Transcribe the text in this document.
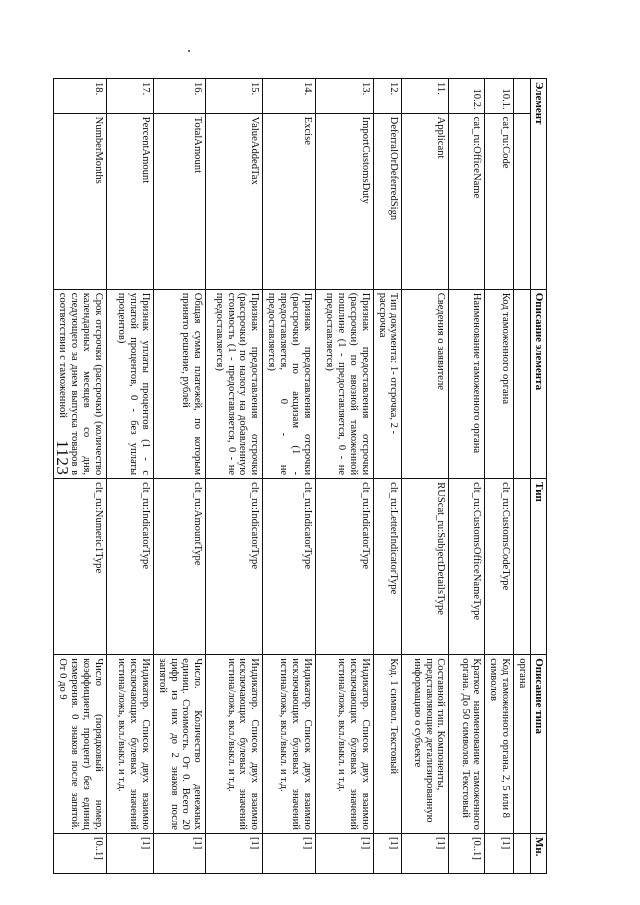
1123
Элемент		Описание элемента	Тип	Описание типа	Мн.
				органа	
10.1.	cat_ru:Code	Код таможенного органа	clt_ru:CustomsCodeType	Код таможенного органа. 2, 5 или 8 символов	[1]
10.2.	cat_ru:OfficeName	Наименование таможенного органа	clt_ru:CustomsOfficeNameType	Краткое наименование таможенного органа. До 50 символов. Текстовый	[0..1]
11.	Applicant	Сведения о заявителе	RUScat_ru:SubjectDetailsType	Составной тип. Компоненты, представляющие детализированную информацию о субъекте	[1]
12.	DeferralOrDeferredSign	Тип документа: 1- отсрочка, 2 - рассрочка	clt_ru:LetterIndicatorType	Код. 1 символ. Текстовый	[1]
13.	ImportCustomsDuty	Признак предоставления отсрочки (рассрочки) по ввозной таможенной пошлине (1 - предоставляется, 0 - не предоставляется)	clt_ru:IndicatorType	Индикатор. Список двух взаимно исключающих булевых значений истина/ложь, вкл./выкл. и т.д.	[1]
14.	Excise	Признак предоставления отсрочки (рассрочки) по акцизам (1 - предоставляется, 0 - не предоставляется)	clt_ru:IndicatorType	Индикатор. Список двух взаимно исключающих булевых значений истина/ложь, вкл./выкл. и т.д.	[1]
15.	ValueAddedTax	Признак предоставления отсрочки (рассрочки) по налогу на добавленную стоимость (1 - предоставляется, 0 - не предоставляется)	clt_ru:IndicatorType	Индикатор. Список двух взаимно исключающих булевых значений истина/ложь, вкл./выкл. и т.д.	[1]
16.	TotalAmount	Общая сумма платежей, по которым принято решение, рублей	clt_ru:AmountType	Число. Количество денежных единиц. Стоимость. От 0. Всего 20 цифр из них до 2 знаков после запятой	[1]
17.	PercentAmount	Признак уплаты процентов (1 - с уплатой процентов, 0 - без уплаты процентов)	clt_ru:IndicatorType	Индикатор. Список двух взаимно исключающих булевых значений истина/ложь, вкл./выкл. и т.д.	[1]
18.	NumberMonths	Срок отсрочки (рассрочки) (количество календарных месяцев со дня, следующего за днем выпуска товаров в соответствии с таможенной	clt_ru:Numeric1Type	Число (порядковый номер, коэффициент, процент) без единиц измерения. 0 знаков после запятой. От 0 до 9	[0..1]
